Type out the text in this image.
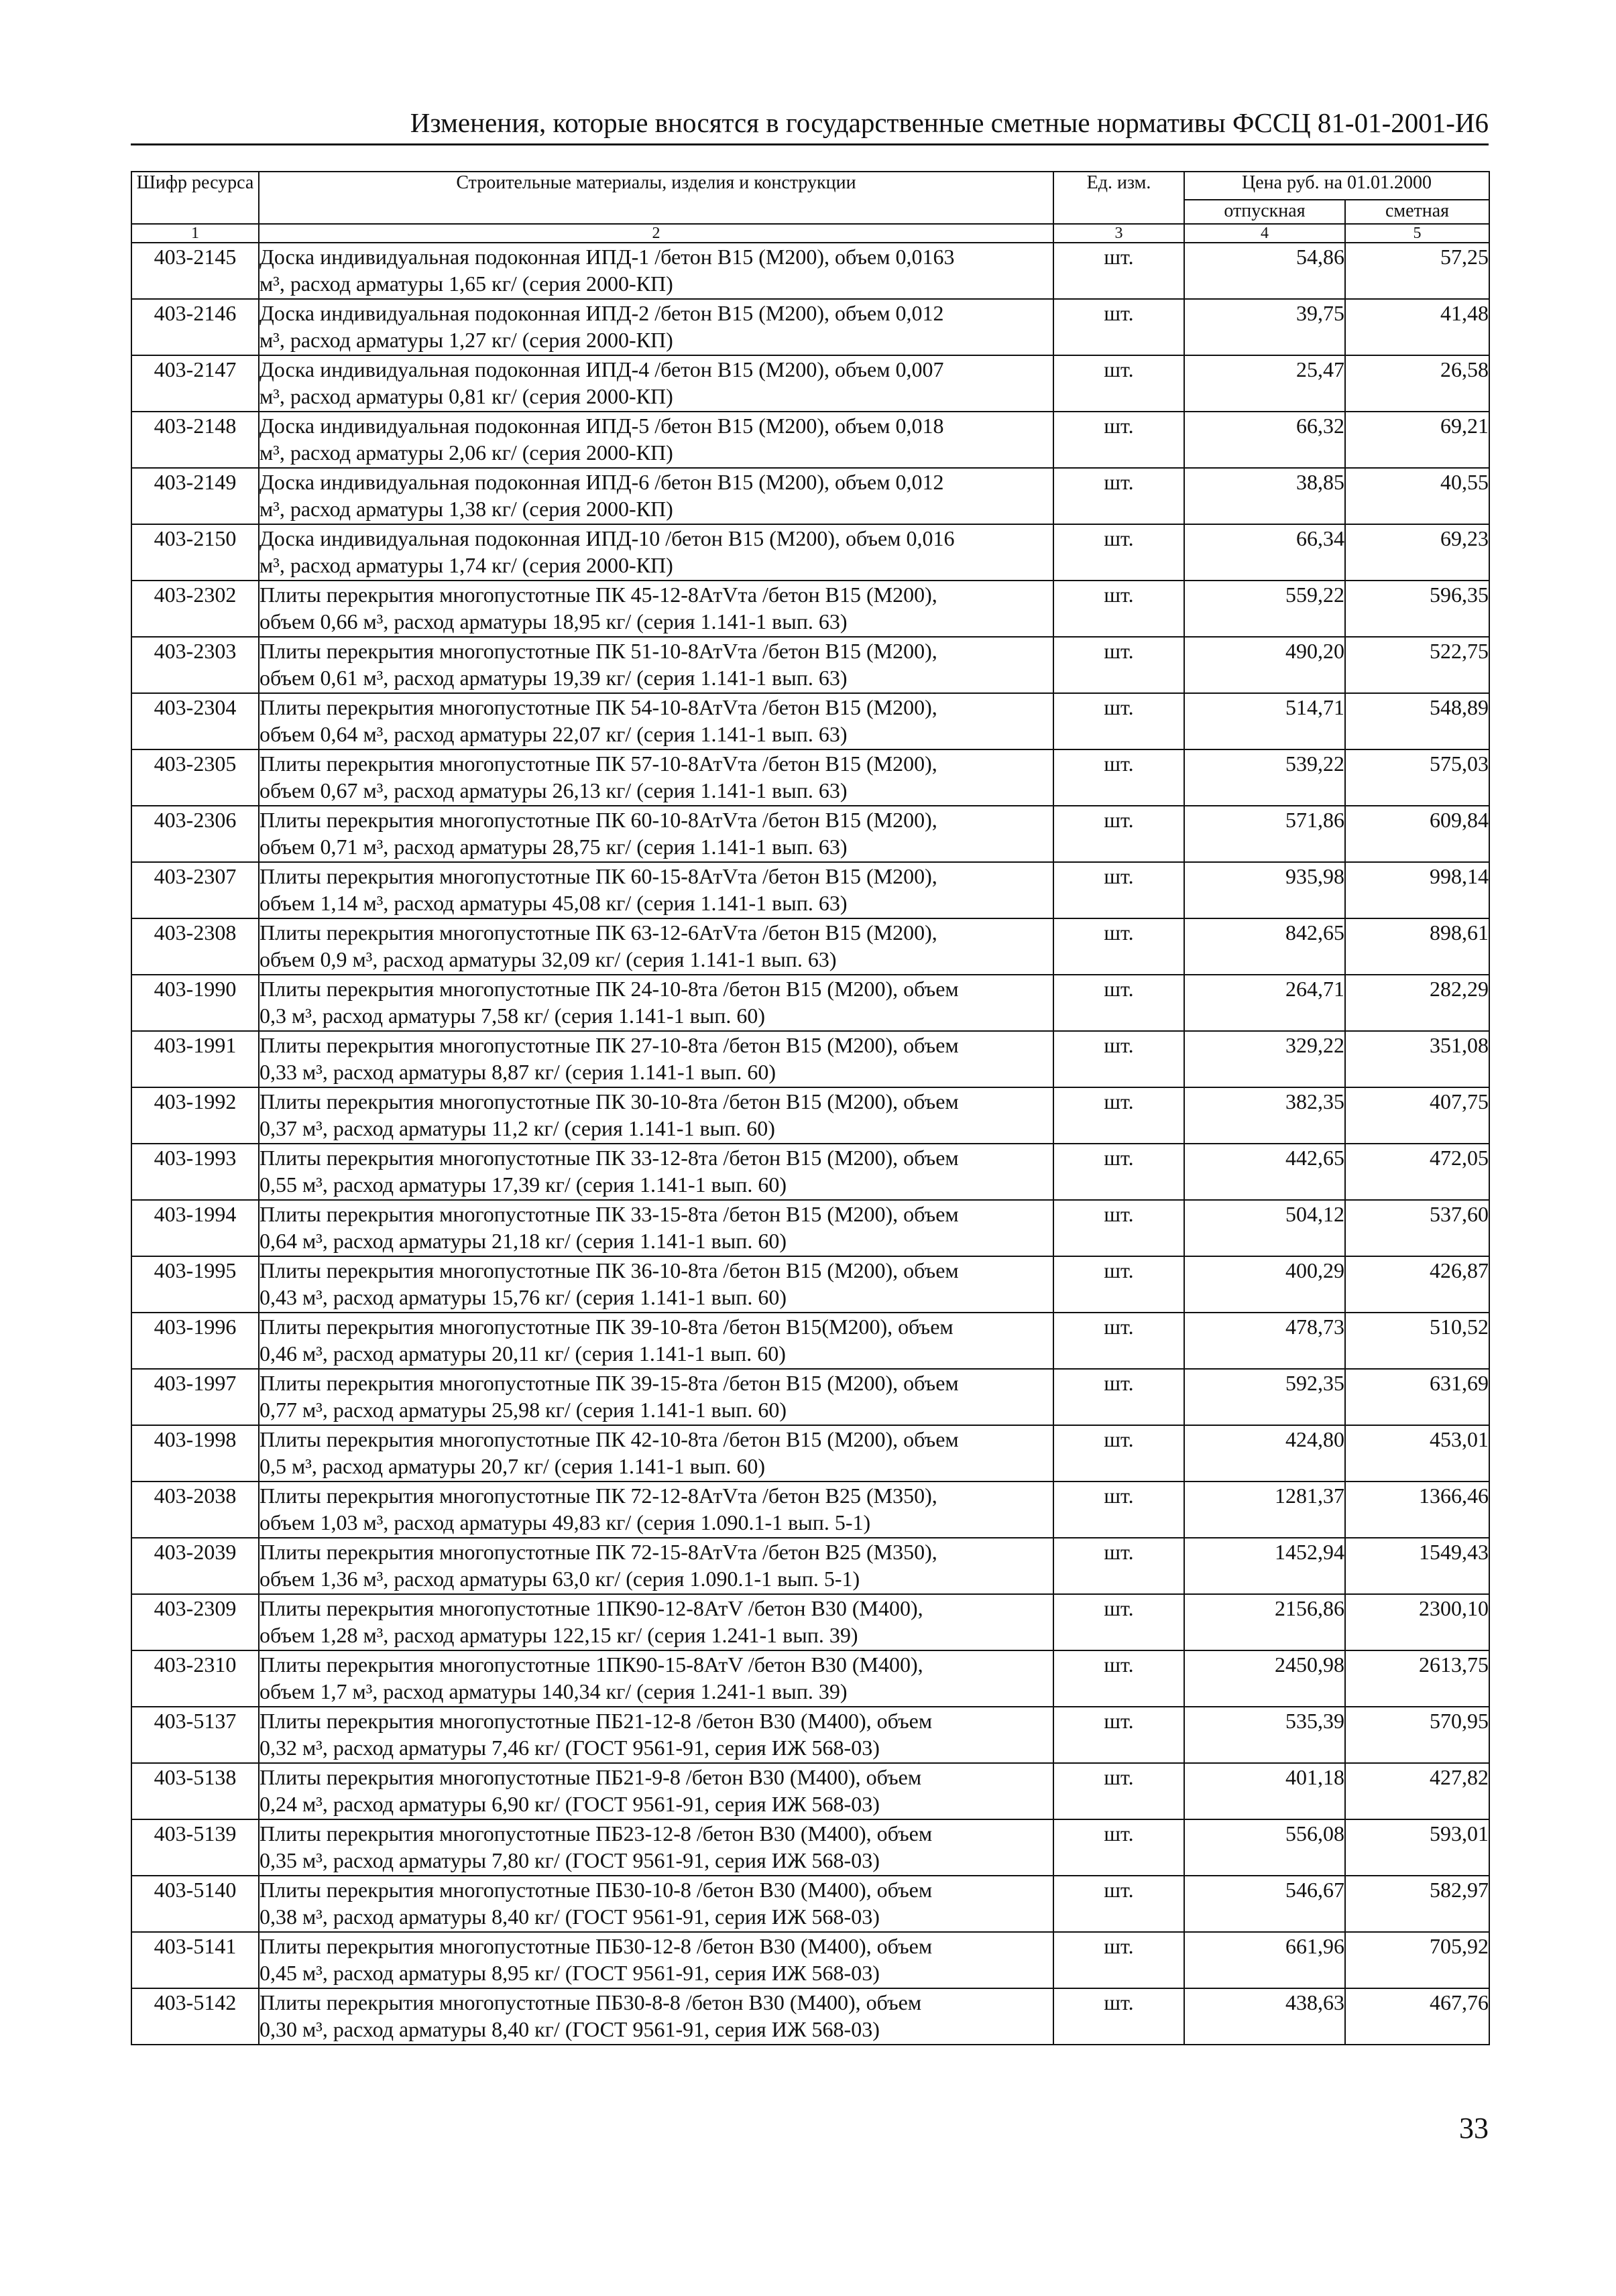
Изменения, которые вносятся в государственные сметные нормативы ФССЦ 81-01-2001-И6
Шифр ресурса	Строительные материалы, изделия и конструкции	Ед. изм.	Цена руб. на 01.01.2000	
			отпускная	сметная
1	2	3	4	5
403-2145	Доска индивидуальная подоконная ИПД-1 /бетон В15 (М200), объем 0,0163
м³, расход арматуры 1,65 кг/ (серия 2000-КП)	шт.	54,86	57,25
403-2146	Доска индивидуальная подоконная ИПД-2 /бетон В15 (М200), объем 0,012
м³, расход арматуры 1,27 кг/ (серия 2000-КП)	шт.	39,75	41,48
403-2147	Доска индивидуальная подоконная ИПД-4 /бетон В15 (М200), объем 0,007
м³, расход арматуры 0,81 кг/ (серия 2000-КП)	шт.	25,47	26,58
403-2148	Доска индивидуальная подоконная ИПД-5 /бетон В15 (М200), объем 0,018
м³, расход арматуры 2,06 кг/ (серия 2000-КП)	шт.	66,32	69,21
403-2149	Доска индивидуальная подоконная ИПД-6 /бетон В15 (М200), объем 0,012
м³, расход арматуры 1,38 кг/ (серия 2000-КП)	шт.	38,85	40,55
403-2150	Доска индивидуальная подоконная ИПД-10 /бетон В15 (М200), объем 0,016
м³, расход арматуры 1,74 кг/ (серия 2000-КП)	шт.	66,34	69,23
403-2302	Плиты перекрытия многопустотные ПК 45-12-8АтVта /бетон В15 (М200),
объем 0,66 м³, расход арматуры 18,95 кг/ (серия 1.141-1 вып. 63)	шт.	559,22	596,35
403-2303	Плиты перекрытия многопустотные ПК 51-10-8АтVта /бетон В15 (М200),
объем 0,61 м³, расход арматуры 19,39 кг/ (серия 1.141-1 вып. 63)	шт.	490,20	522,75
403-2304	Плиты перекрытия многопустотные ПК 54-10-8АтVта /бетон В15 (М200),
объем 0,64 м³, расход арматуры 22,07 кг/ (серия 1.141-1 вып. 63)	шт.	514,71	548,89
403-2305	Плиты перекрытия многопустотные ПК 57-10-8АтVта /бетон В15 (М200),
объем 0,67 м³, расход арматуры 26,13 кг/ (серия 1.141-1 вып. 63)	шт.	539,22	575,03
403-2306	Плиты перекрытия многопустотные ПК 60-10-8АтVта /бетон В15 (М200),
объем 0,71 м³, расход арматуры 28,75 кг/ (серия 1.141-1 вып. 63)	шт.	571,86	609,84
403-2307	Плиты перекрытия многопустотные ПК 60-15-8АтVта /бетон В15 (М200),
объем 1,14 м³, расход арматуры 45,08 кг/ (серия 1.141-1 вып. 63)	шт.	935,98	998,14
403-2308	Плиты перекрытия многопустотные ПК 63-12-6АтVта /бетон В15 (М200),
объем 0,9 м³, расход арматуры 32,09 кг/ (серия 1.141-1 вып. 63)	шт.	842,65	898,61
403-1990	Плиты перекрытия многопустотные ПК 24-10-8та /бетон В15 (М200), объем
0,3 м³, расход арматуры 7,58 кг/ (серия 1.141-1 вып. 60)	шт.	264,71	282,29
403-1991	Плиты перекрытия многопустотные ПК 27-10-8та /бетон В15 (М200), объем
0,33 м³, расход арматуры 8,87 кг/ (серия 1.141-1 вып. 60)	шт.	329,22	351,08
403-1992	Плиты перекрытия многопустотные ПК 30-10-8та /бетон В15 (М200), объем
0,37 м³, расход арматуры 11,2 кг/ (серия 1.141-1 вып. 60)	шт.	382,35	407,75
403-1993	Плиты перекрытия многопустотные ПК 33-12-8та /бетон В15 (М200), объем
0,55 м³, расход арматуры 17,39 кг/ (серия 1.141-1 вып. 60)	шт.	442,65	472,05
403-1994	Плиты перекрытия многопустотные ПК 33-15-8та /бетон В15 (М200), объем
0,64 м³, расход арматуры 21,18 кг/ (серия 1.141-1 вып. 60)	шт.	504,12	537,60
403-1995	Плиты перекрытия многопустотные ПК 36-10-8та /бетон В15 (М200), объем
0,43 м³, расход арматуры 15,76 кг/ (серия 1.141-1 вып. 60)	шт.	400,29	426,87
403-1996	Плиты перекрытия многопустотные ПК 39-10-8та /бетон В15(М200), объем
0,46 м³, расход арматуры 20,11 кг/ (серия 1.141-1 вып. 60)	шт.	478,73	510,52
403-1997	Плиты перекрытия многопустотные ПК 39-15-8та /бетон В15 (М200), объем
0,77 м³, расход арматуры 25,98 кг/ (серия 1.141-1 вып. 60)	шт.	592,35	631,69
403-1998	Плиты перекрытия многопустотные ПК 42-10-8та /бетон В15 (М200), объем
0,5 м³, расход арматуры 20,7 кг/ (серия 1.141-1 вып. 60)	шт.	424,80	453,01
403-2038	Плиты перекрытия многопустотные ПК 72-12-8АтVта /бетон В25 (М350),
объем 1,03 м³, расход арматуры 49,83 кг/ (серия 1.090.1-1 вып. 5-1)	шт.	1281,37	1366,46
403-2039	Плиты перекрытия многопустотные ПК 72-15-8АтVта /бетон В25 (М350),
объем 1,36 м³, расход арматуры 63,0 кг/ (серия 1.090.1-1 вып. 5-1)	шт.	1452,94	1549,43
403-2309	Плиты перекрытия многопустотные 1ПК90-12-8АтV /бетон В30 (М400),
объем 1,28 м³, расход арматуры 122,15 кг/ (серия 1.241-1 вып. 39)	шт.	2156,86	2300,10
403-2310	Плиты перекрытия многопустотные 1ПК90-15-8АтV /бетон В30 (М400),
объем 1,7 м³, расход арматуры 140,34 кг/ (серия 1.241-1 вып. 39)	шт.	2450,98	2613,75
403-5137	Плиты перекрытия многопустотные ПБ21-12-8 /бетон В30 (М400), объем
0,32 м³, расход арматуры 7,46 кг/ (ГОСТ 9561-91, серия ИЖ 568-03)	шт.	535,39	570,95
403-5138	Плиты перекрытия многопустотные ПБ21-9-8 /бетон В30 (М400), объем
0,24 м³, расход арматуры 6,90 кг/ (ГОСТ 9561-91, серия ИЖ 568-03)	шт.	401,18	427,82
403-5139	Плиты перекрытия многопустотные ПБ23-12-8 /бетон В30 (М400), объем
0,35 м³, расход арматуры 7,80 кг/ (ГОСТ 9561-91, серия ИЖ 568-03)	шт.	556,08	593,01
403-5140	Плиты перекрытия многопустотные ПБ30-10-8 /бетон В30 (М400), объем
0,38 м³, расход арматуры 8,40 кг/ (ГОСТ 9561-91, серия ИЖ 568-03)	шт.	546,67	582,97
403-5141	Плиты перекрытия многопустотные ПБ30-12-8 /бетон В30 (М400), объем
0,45 м³, расход арматуры 8,95 кг/ (ГОСТ 9561-91, серия ИЖ 568-03)	шт.	661,96	705,92
403-5142	Плиты перекрытия многопустотные ПБ30-8-8 /бетон В30 (М400), объем
0,30 м³, расход арматуры 8,40 кг/ (ГОСТ 9561-91, серия ИЖ 568-03)	шт.	438,63	467,76
33
